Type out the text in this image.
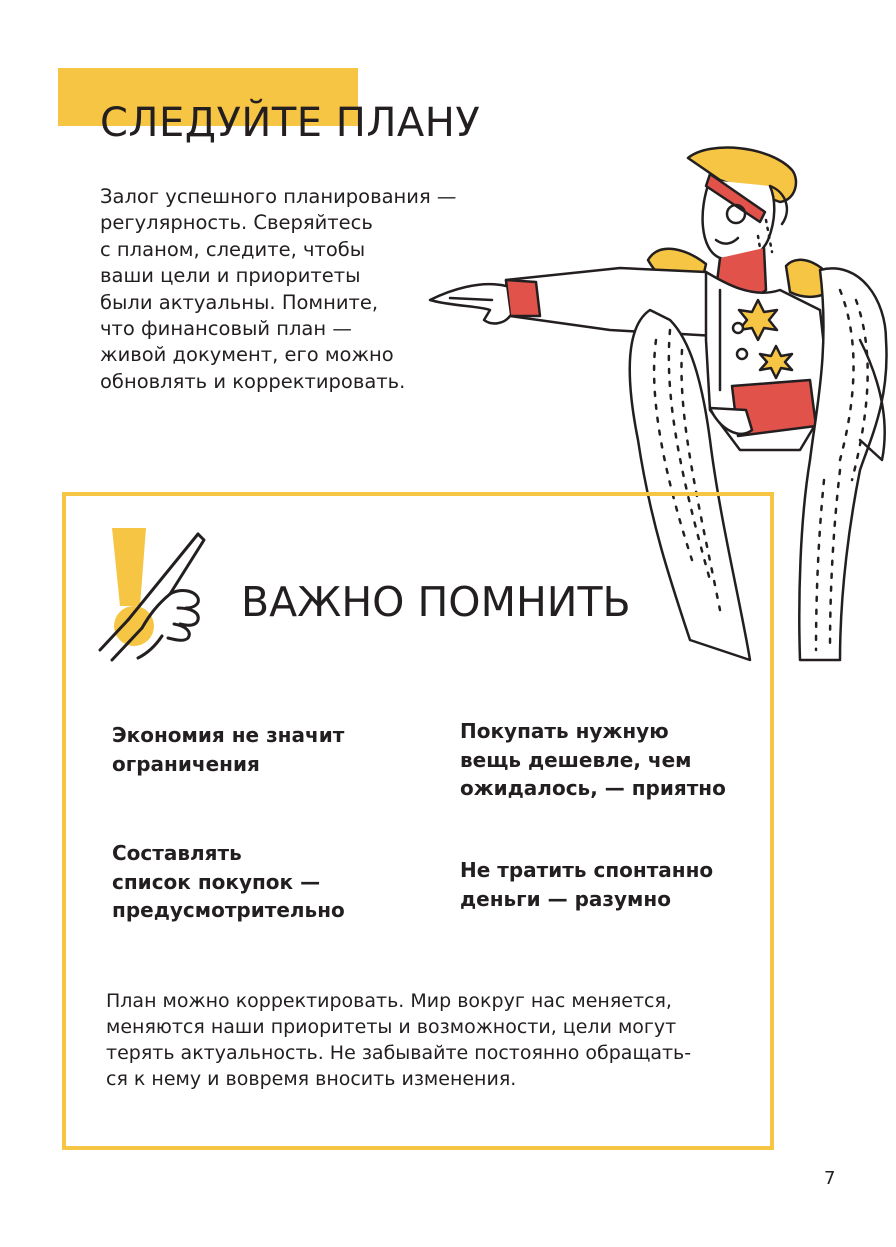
СЛЕДУЙТЕ ПЛАНУ

Залог успешного планирования —
регулярность. Сверяйтесь
с планом, следите, чтобы
ваши цели и приоритеты
были актуальны. Помните,
что финансовый план —
живой документ, его можно
обновлять и корректировать.

ВАЖНО ПОМНИТЬ

Экономия не значит
ограничения

Покупать нужную
вещь дешевле, чем
ожидалось, — приятно

Составлять
список покупок —
предусмотрительно

Не тратить спонтанно
деньги — разумно

План можно корректировать. Мир вокруг нас меняется,
меняются наши приоритеты и возможности, цели могут
терять актуальность. Не забывайте постоянно обращать-
ся к нему и вовремя вносить изменения.

7
